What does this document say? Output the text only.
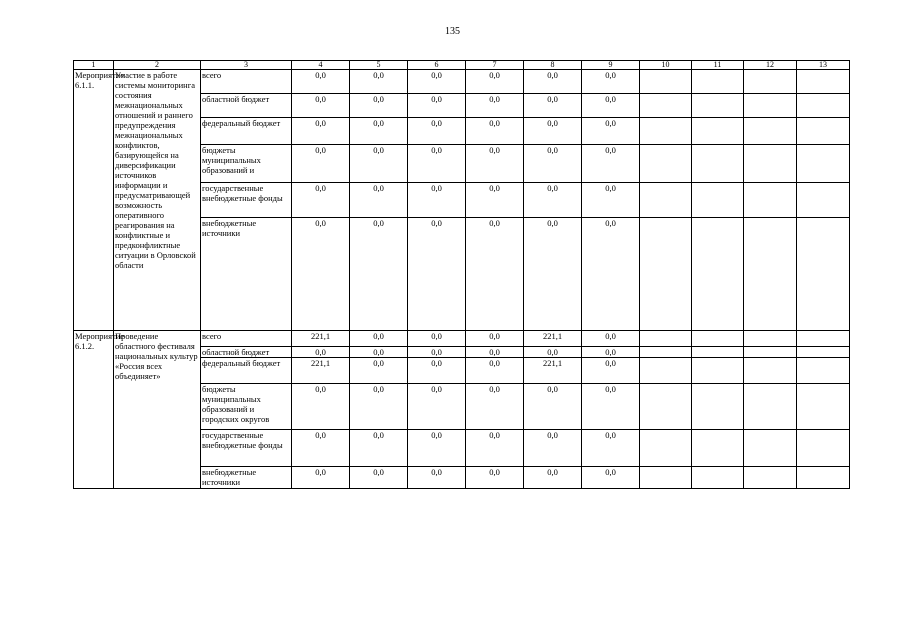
135
1	2	3	4	5	6	7	8	9	10	11	12	13
Мероприятие 6.1.1.	Участие в работе системы мониторинга состояния межнациональных отношений и раннего предупреждения межнациональных конфликтов, базирующейся на диверсификации источников информации и предусматривающей возможность оперативного реагирования на конфликтные и предконфликтные ситуации в Орловской области	всего	0,0	0,0	0,0	0,0	0,0	0,0				
		областной бюджет	0,0	0,0	0,0	0,0	0,0	0,0				
		федеральный бюджет	0,0	0,0	0,0	0,0	0,0	0,0				
		бюджеты муниципальных образований и	0,0	0,0	0,0	0,0	0,0	0,0				
		государственные внебюджетные фонды	0,0	0,0	0,0	0,0	0,0	0,0				
		внебюджетные источники	0,0	0,0	0,0	0,0	0,0	0,0				
Мероприятие 6.1.2.	Проведение областного фестиваля национальных культур «Россия всех объединяет»	всего	221,1	0,0	0,0	0,0	221,1	0,0				
		областной бюджет	0,0	0,0	0,0	0,0	0,0	0,0				
		федеральный бюджет	221,1	0,0	0,0	0,0	221,1	0,0				
		бюджеты муниципальных образований и городских округов	0,0	0,0	0,0	0,0	0,0	0,0				
		государственные внебюджетные фонды	0,0	0,0	0,0	0,0	0,0	0,0				
		внебюджетные источники	0,0	0,0	0,0	0,0	0,0	0,0				
